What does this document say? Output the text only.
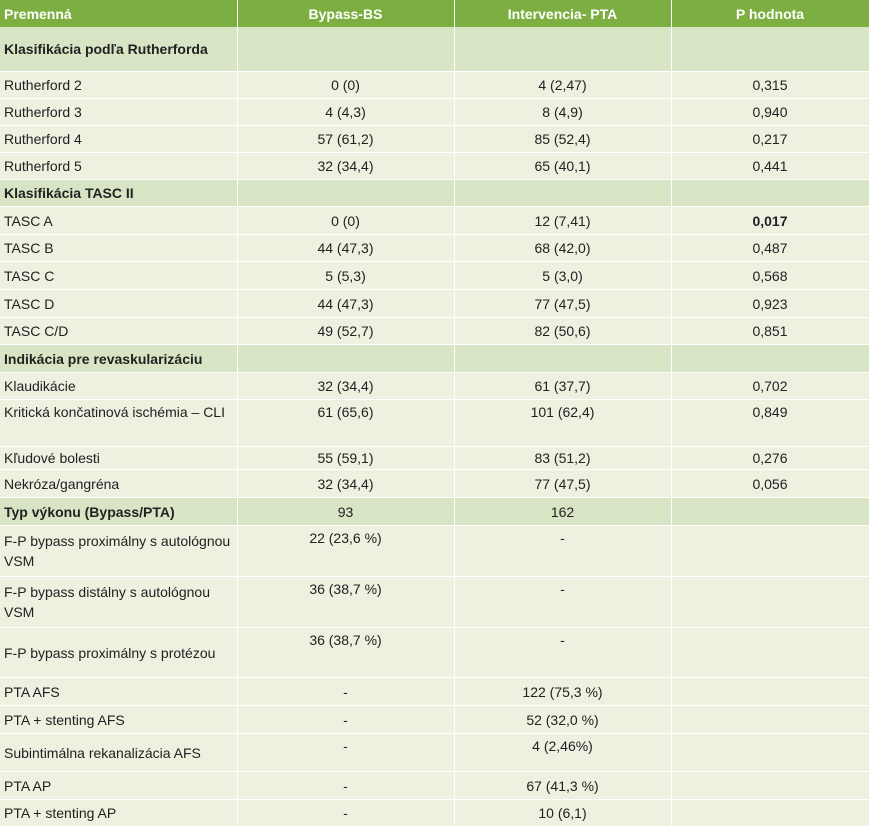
Premenná	Bypass-BS	Intervencia- PTA	P hodnota
Klasifikácia podľa Rutherforda			
Rutherford 2	0 (0)	4 (2,47)	0,315
Rutherford 3	4 (4,3)	8 (4,9)	0,940
Rutherford 4	57 (61,2)	85 (52,4)	0,217
Rutherford 5	32 (34,4)	65 (40,1)	0,441
Klasifikácia TASC II			
TASC A	0 (0)	12 (7,41)	0,017
TASC B	44 (47,3)	68 (42,0)	0,487
TASC C	5 (5,3)	5 (3,0)	0,568
TASC D	44 (47,3)	77 (47,5)	0,923
TASC C/D	49 (52,7)	82 (50,6)	0,851
Indikácia pre revaskularizáciu			
Klaudikácie	32 (34,4)	61 (37,7)	0,702
Kritická končatinová ischémia – CLI	61 (65,6)	101 (62,4)	0,849
Kľudové bolesti	55 (59,1)	83 (51,2)	0,276
Nekróza/gangréna	32 (34,4)	77 (47,5)	0,056
Typ výkonu (Bypass/PTA)	93	162	
F-P bypass proximálny s autológnou VSM	22 (23,6 %)	-	
F-P bypass distálny s autológnou VSM	36 (38,7 %)	-	
F-P bypass proximálny s protézou	36 (38,7 %)	-	
PTA AFS	-	122 (75,3 %)	
PTA + stenting AFS	-	52 (32,0 %)	
Subintimálna rekanalizácia AFS	-	4 (2,46%)	
PTA AP	-	67 (41,3 %)	
PTA + stenting AP	-	10 (6,1)	
